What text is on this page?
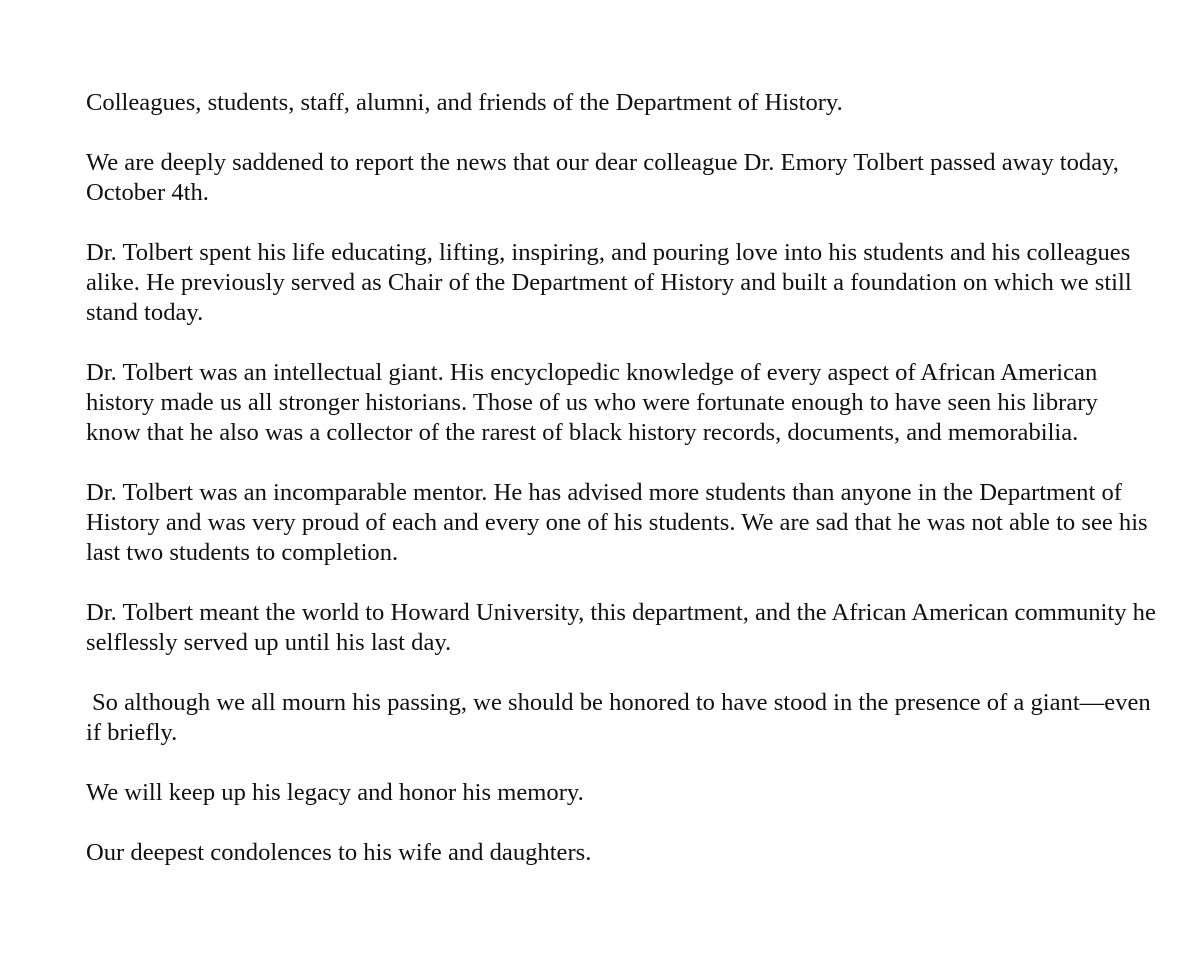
Colleagues, students, staff, alumni, and friends of the Department of History.

We are deeply saddened to report the news that our dear colleague Dr. Emory Tolbert passed away today, October 4th.

Dr. Tolbert spent his life educating, lifting, inspiring, and pouring love into his students and his colleagues alike. He previously served as Chair of the Department of History and built a foundation on which we still stand today.

Dr. Tolbert was an intellectual giant. His encyclopedic knowledge of every aspect of African American history made us all stronger historians. Those of us who were fortunate enough to have seen his library know that he also was a collector of the rarest of black history records, documents, and memorabilia.

Dr. Tolbert was an incomparable mentor. He has advised more students than anyone in the Department of History and was very proud of each and every one of his students. We are sad that he was not able to see his last two students to completion.

Dr. Tolbert meant the world to Howard University, this department, and the African American community he selflessly served up until his last day.

So although we all mourn his passing, we should be honored to have stood in the presence of a giant—even if briefly.

We will keep up his legacy and honor his memory.

Our deepest condolences to his wife and daughters.
